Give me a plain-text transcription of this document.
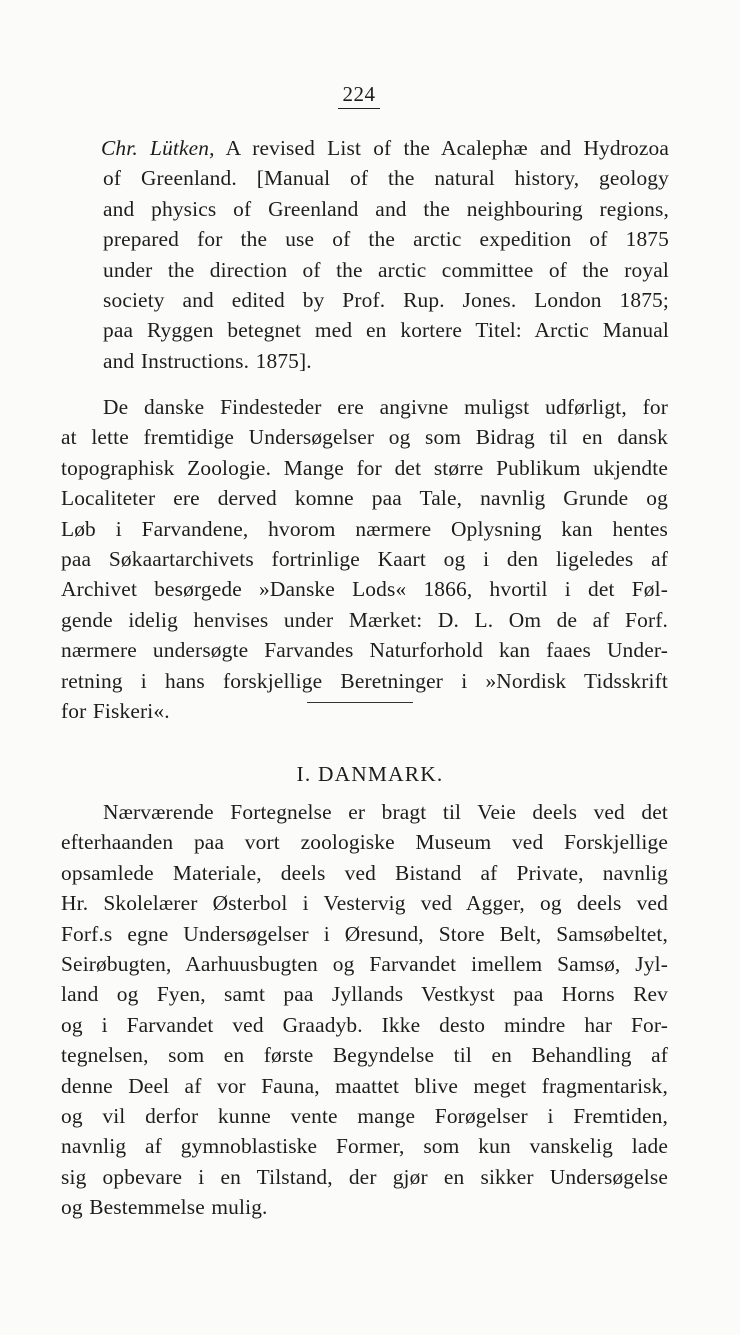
224
Chr. Lütken, A revised List of the Acalephæ and Hydrozoa
of Greenland. [Manual of the natural history, geology
and physics of Greenland and the neighbouring regions,
prepared for the use of the arctic expedition of 1875
under the direction of the arctic committee of the royal
society and edited by Prof. Rup. Jones. London 1875;
paa Ryggen betegnet med en kortere Titel: Arctic Manual
and Instructions. 1875].
De danske Findesteder ere angivne muligst udførligt, for
at lette fremtidige Undersøgelser og som Bidrag til en dansk
topographisk Zoologie. Mange for det større Publikum ukjendte
Localiteter ere derved komne paa Tale, navnlig Grunde og
Løb i Farvandene, hvorom nærmere Oplysning kan hentes
paa Søkaartarchivets fortrinlige Kaart og i den ligeledes af
Archivet besørgede »Danske Lods« 1866, hvortil i det Føl-
gende idelig henvises under Mærket: D. L. Om de af Forf.
nærmere undersøgte Farvandes Naturforhold kan faaes Under-
retning i hans forskjellige Beretninger i »Nordisk Tidsskrift
for Fiskeri«.
I. DANMARK.
Nærværende Fortegnelse er bragt til Veie deels ved det
efterhaanden paa vort zoologiske Museum ved Forskjellige
opsamlede Materiale, deels ved Bistand af Private, navnlig
Hr. Skolelærer Østerbol i Vestervig ved Agger, og deels ved
Forf.s egne Undersøgelser i Øresund, Store Belt, Samsøbeltet,
Seirøbugten, Aarhuusbugten og Farvandet imellem Samsø, Jyl-
land og Fyen, samt paa Jyllands Vestkyst paa Horns Rev
og i Farvandet ved Graadyb. Ikke desto mindre har For-
tegnelsen, som en første Begyndelse til en Behandling af
denne Deel af vor Fauna, maattet blive meget fragmentarisk,
og vil derfor kunne vente mange Forøgelser i Fremtiden,
navnlig af gymnoblastiske Former, som kun vanskelig lade
sig opbevare i en Tilstand, der gjør en sikker Undersøgelse
og Bestemmelse mulig.
